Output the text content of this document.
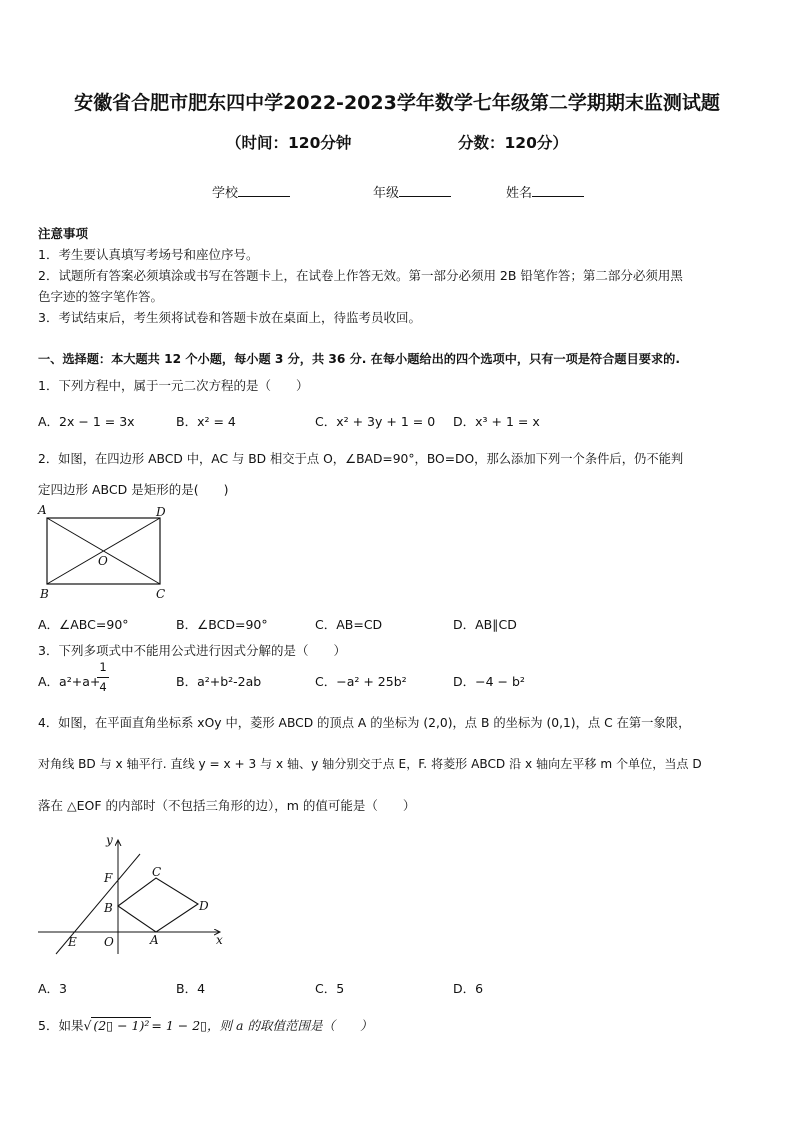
安徽省合肥市肥东四中学2022-2023学年数学七年级第二学期期末监测试题
（时间：120分钟	分数：120分）
学校	年级	姓名
注意事项
1．考生要认真填写考场号和座位序号。
2．试题所有答案必须填涂或书写在答题卡上，在试卷上作答无效。第一部分必须用 2B 铅笔作答；第二部分必须用黑
色字迹的签字笔作答。
3．考试结束后，考生须将试卷和答题卡放在桌面上，待监考员收回。
一、选择题：本大题共 12 个小题，每小题 3 分，共 36 分. 在每小题给出的四个选项中，只有一项是符合题目要求的.
1．下列方程中，属于一元二次方程的是（　　）
A．2x − 1 = 3x	B．x² = 4	C．x² + 3y + 1 = 0 D．x³ + 1 = x
2．如图，在四边形 ABCD 中，AC 与 BD 相交于点 O，∠BAD=90°，BO=DO，那么添加下列一个条件后，仍不能判
定四边形 ABCD 是矩形的是(　　)
A	D
O
B	C
A．∠ABC=90°	B．∠BCD=90°	C．AB=CD	D．AB∥CD
3．下列多项式中不能用公式进行因式分解的是（　　）
A．a²+a+
1
4	B．a²+b²-2ab	C．−a² + 25b²	D．−4 − b²
4．如图，在平面直角坐标系 xOy 中，菱形 ABCD 的顶点 A 的坐标为 (2,0)，点 B 的坐标为 (0,1)，点 C 在第一象限，
对角线 BD 与 x 轴平行. 直线 y = x + 3 与 x 轴、y 轴分别交于点 E，F. 将菱形 ABCD 沿 x 轴向左平移 m 个单位，当点 D
落在 △EOF 的内部时（不包括三角形的边），m 的值可能是（　　）
y
F	C
B	D
E O	A	x
A．3	B．4	C．5	D．6
5．如果√ (2▯ − 1)² = 1 − 2▯，则 a 的取值范围是（　　）
